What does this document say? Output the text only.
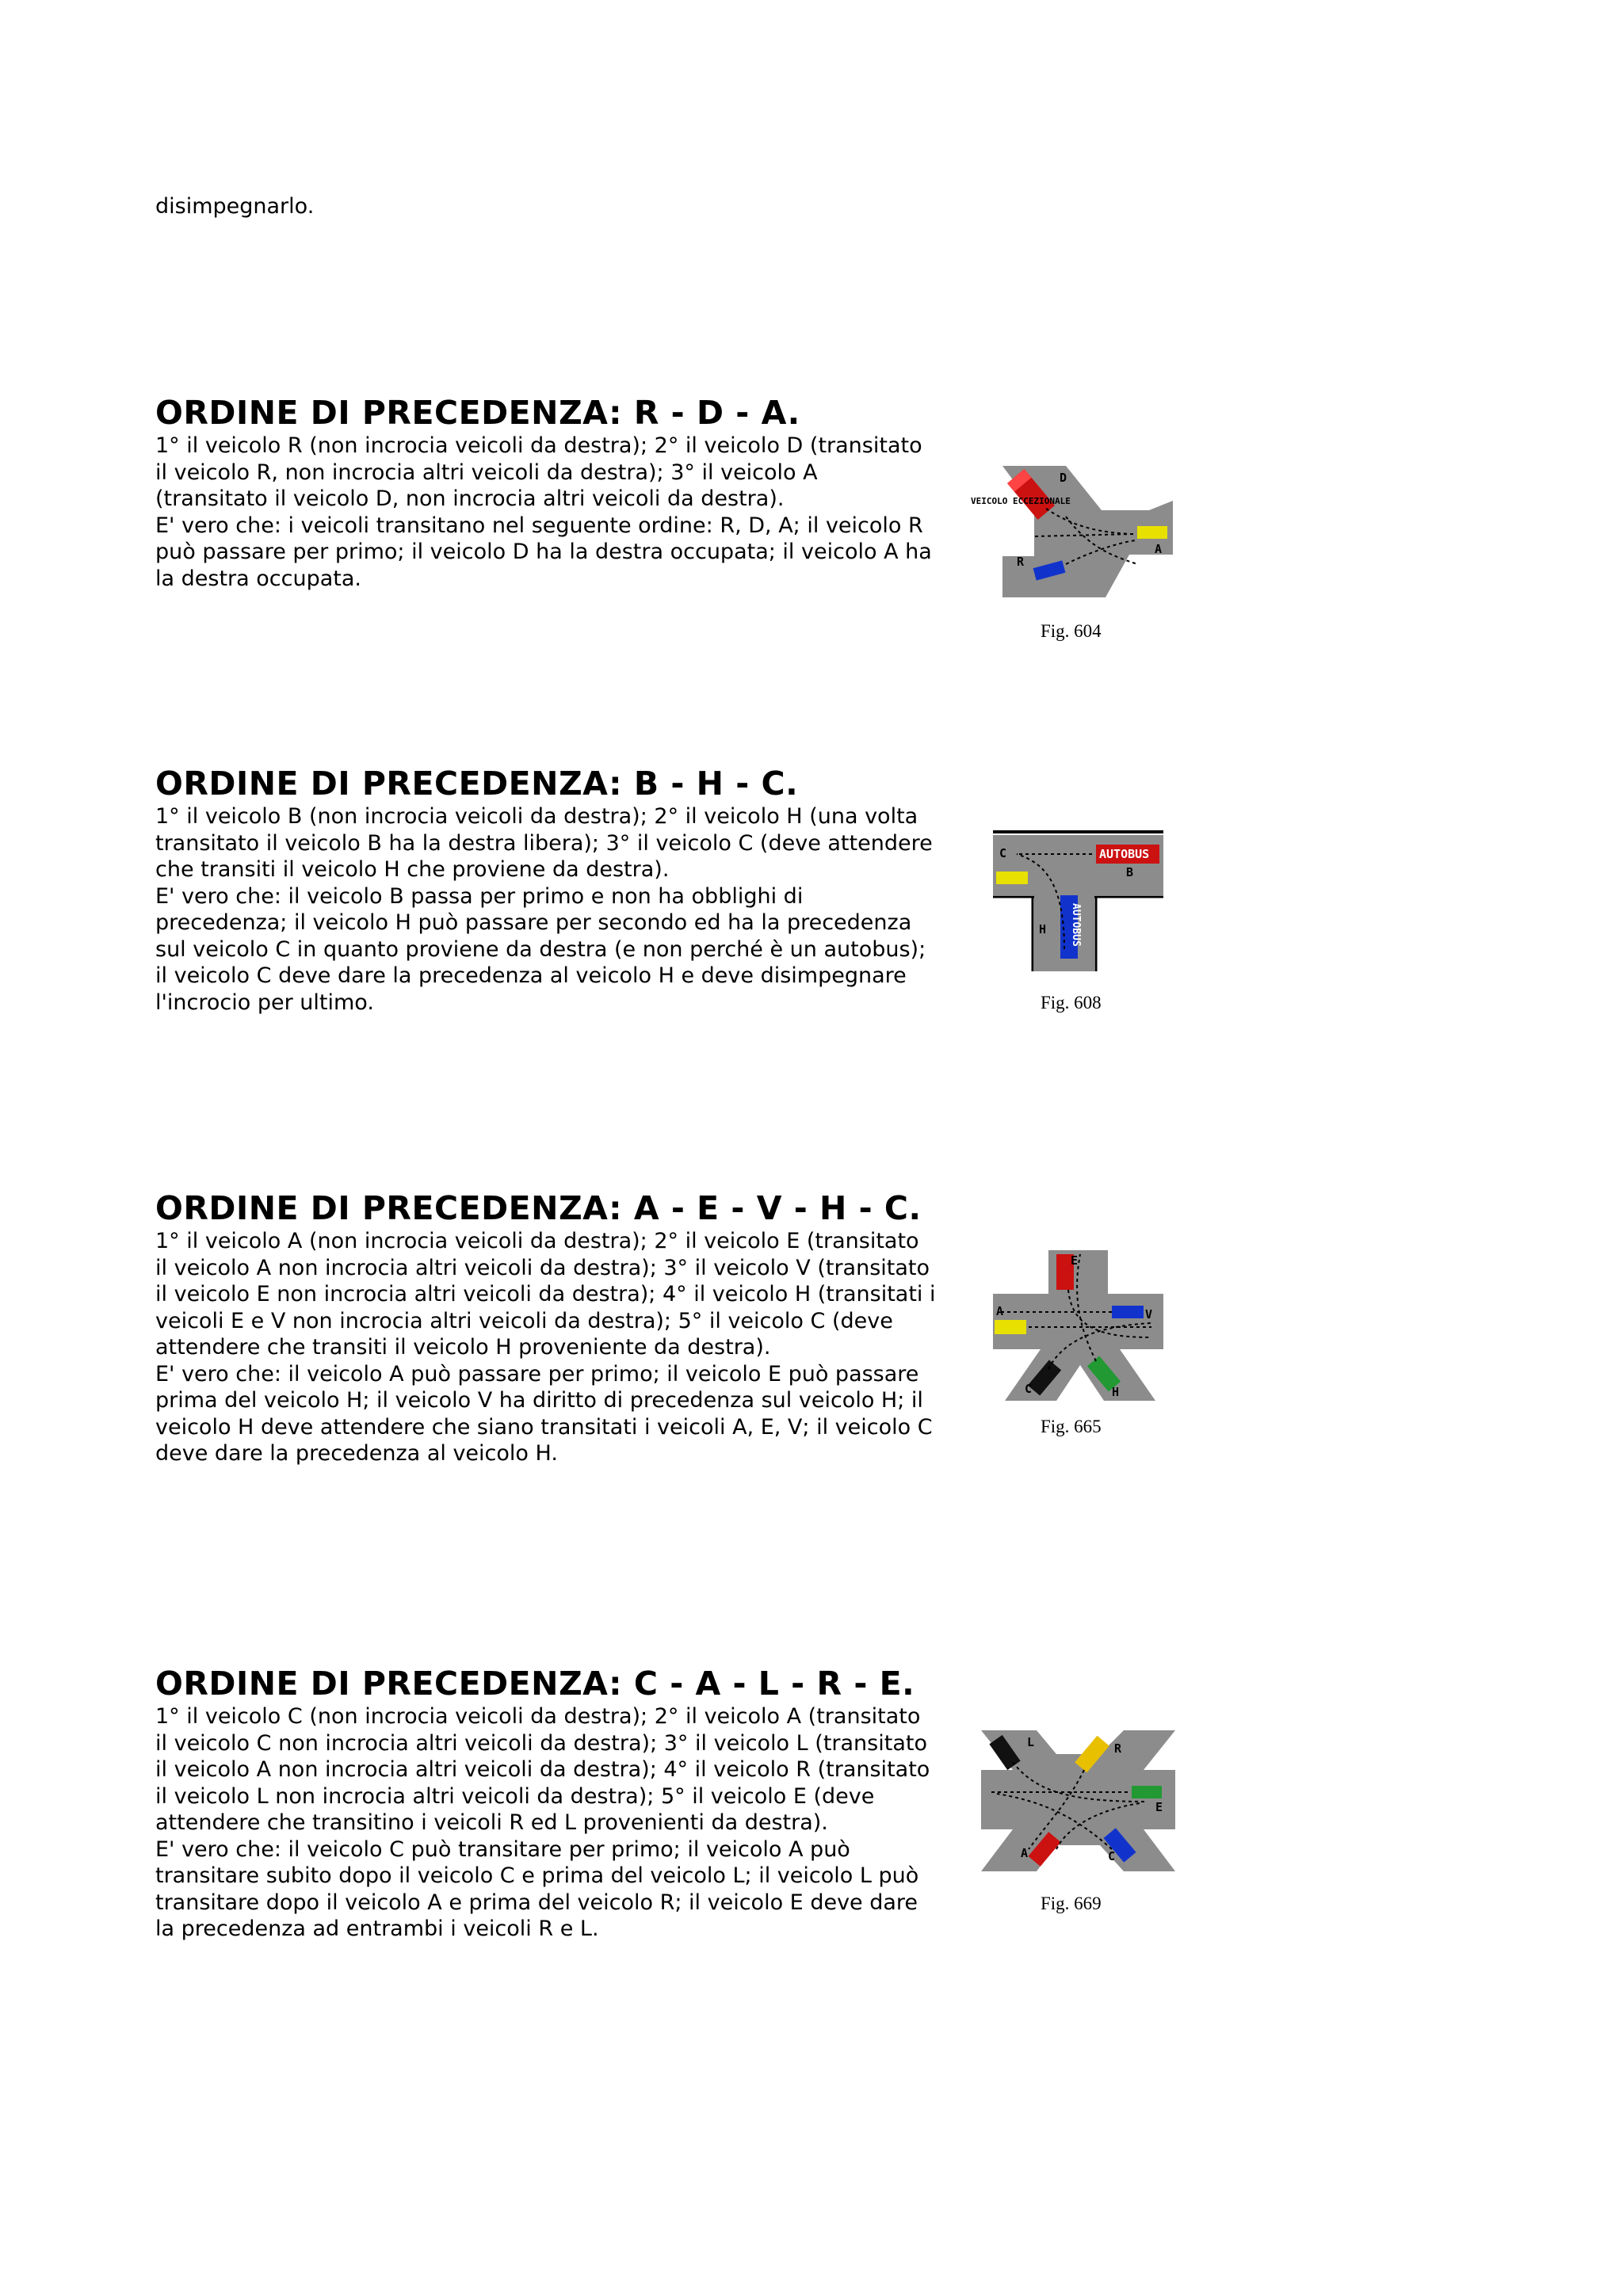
disimpegnarlo.
ORDINE DI PRECEDENZA: R - D - A.

1° il veicolo R (non incrocia veicoli da destra); 2° il veicolo D (transitato il veicolo R, non incrocia altri veicoli da destra); 3° il veicolo A (transitato il veicolo D, non incrocia altri veicoli da destra).
E' vero che: i veicoli transitano nel seguente ordine: R, D, A; il veicolo R può passare per primo; il veicolo D ha la destra occupata; il veicolo A ha la destra occupata.

D
A
R
VEICOLO ECCEZIONALE
Fig. 604
ORDINE DI PRECEDENZA: B - H - C.

1° il veicolo B (non incrocia veicoli da destra); 2° il veicolo H (una volta transitato il veicolo B ha la destra libera); 3° il veicolo C (deve attendere che transiti il veicolo H che proviene da destra).
E' vero che: il veicolo B passa per primo e non ha obblighi di precedenza; il veicolo H può passare per secondo ed ha la precedenza sul veicolo C in quanto proviene da destra (e non perché è un autobus); il veicolo C deve dare la precedenza al veicolo H e deve disimpegnare l'incrocio per ultimo.

AUTOBUS
AUTOBUS
C
B
H
Fig. 608
ORDINE DI PRECEDENZA: A - E - V - H - C.

1° il veicolo A (non incrocia veicoli da destra); 2° il veicolo E (transitato il veicolo A non incrocia altri veicoli da destra); 3° il veicolo V (transitato il veicolo E non incrocia altri veicoli da destra); 4° il veicolo H (transitati i veicoli E e V non incrocia altri veicoli da destra); 5° il veicolo C (deve attendere che transiti il veicolo H proveniente da destra).
E' vero che: il veicolo A può passare per primo; il veicolo E può passare prima del veicolo H; il veicolo V ha diritto di precedenza sul veicolo H; il veicolo H deve attendere che siano transitati i veicoli A, E, V; il veicolo C deve dare la precedenza al veicolo H.

E
A	V
C	H
Fig. 665
ORDINE DI PRECEDENZA: C - A - L - R - E.

1° il veicolo C (non incrocia veicoli da destra); 2° il veicolo A (transitato il veicolo C non incrocia altri veicoli da destra); 3° il veicolo L (transitato il veicolo A non incrocia altri veicoli da destra); 4° il veicolo R (transitato il veicolo L non incrocia altri veicoli da destra); 5° il veicolo E (deve attendere che transitino i veicoli R ed L provenienti da destra).
E' vero che: il veicolo C può transitare per primo; il veicolo A può transitare subito dopo il veicolo C e prima del veicolo L; il veicolo L può transitare dopo il veicolo A e prima del veicolo R; il veicolo E deve dare la precedenza ad entrambi i veicoli R e L.

L	R
E
A	C
Fig. 669
